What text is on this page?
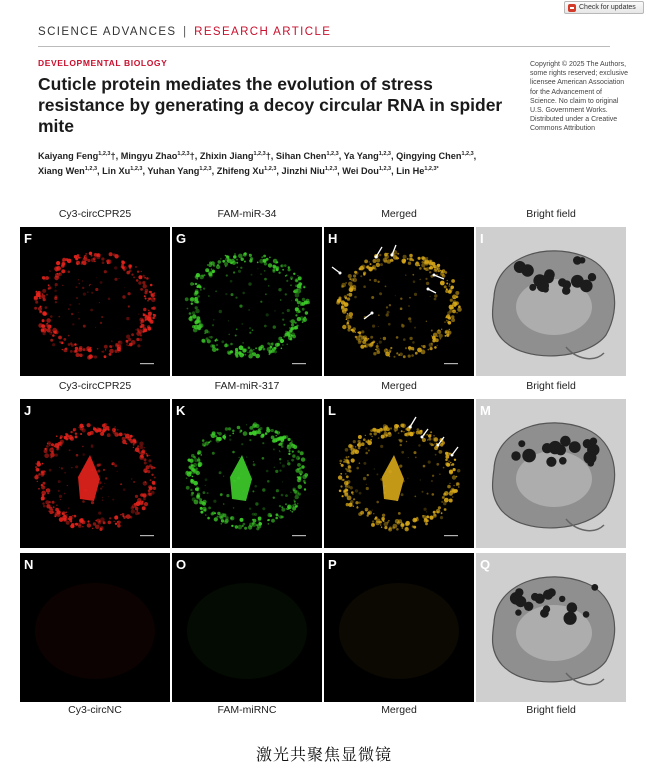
Check for updates
SCIENCE ADVANCES | RESEARCH ARTICLE
DEVELOPMENTAL BIOLOGY
Cuticle protein mediates the evolution of stress resistance by generating a decoy circular RNA in spider mite
Kaiyang Feng$^{1,2,3}$†, Mingyu Zhao$^{1,2,3}$†, Zhixin Jiang$^{1,2,3}$†, Sihan Chen$^{1,2,3}$, Ya Yang$^{1,2,3}$, Qingying Chen$^{1,2,3}$, Xiang Wen$^{1,2,3}$, Lin Xu$^{1,2,3}$, Yuhan Yang$^{1,2,3}$, Zhifeng Xu$^{1,2,3}$, Jinzhi Niu$^{1,2,3}$, Wei Dou$^{1,2,3}$, Lin $He^{1,2,3*}$
Copyright © 2025 The Authors, some rights reserved; exclusive licensee American Association for the Advancement of Science. No claim to original U.S. Government Works. Distributed under a Creative Commons Attribution
Cy3-circCPR25	FAM-miR-34	Merged	Bright field
F	G	H	I
Cy3-circCPR25	FAM-miR-317	Merged	Bright field
J	K	L	M
Cy3-circNC	FAM-miRNC	Merged	Bright field
N	O	P	Q
激光共聚焦显微镜
